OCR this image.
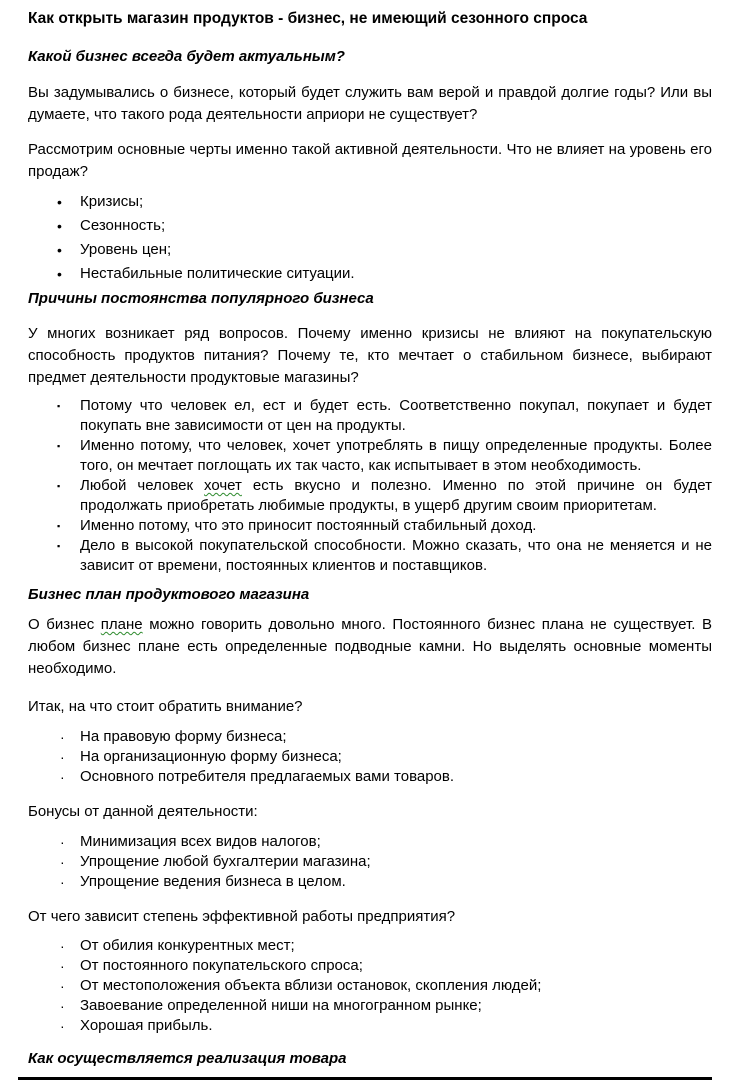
Как открыть магазин продуктов - бизнес, не имеющий сезонного спроса

Какой бизнес всегда будет актуальным?

Вы задумывались о бизнесе, который будет служить вам верой и правдой долгие годы? Или вы думаете, что такого рода деятельности априори не существует?

Рассмотрим основные черты именно такой активной деятельности. Что не влияет на уровень его продаж?

•	Кризисы;
•	Сезонность;
•	Уровень цен;
•	Нестабильные политические ситуации.

Причины постоянства популярного бизнеса

У многих возникает ряд вопросов. Почему именно кризисы не влияют на покупательскую способность продуктов питания? Почему те, кто мечтает о стабильном бизнесе, выбирают предмет деятельности продуктовые магазины?

▪	Потому что человек ел, ест и будет есть. Соответственно покупал, покупает и будет покупать вне зависимости от цен на продукты.
▪	Именно потому, что человек, хочет употреблять в пищу определенные продукты. Более того, он мечтает поглощать их так часто, как испытывает в этом необходимость.
▪	Любой человек хочет есть вкусно и полезно. Именно по этой причине он будет продолжать приобретать любимые продукты, в ущерб другим своим приоритетам.
▪	Именно потому, что это приносит постоянный стабильный доход.
▪	Дело в высокой покупательской способности. Можно сказать, что она не меняется и не зависит от времени, постоянных клиентов и поставщиков.

Бизнес план продуктового магазина

О бизнес плане можно говорить довольно много. Постоянного бизнес плана не существует. В любом бизнес плане есть определенные подводные камни. Но выделять основные моменты необходимо.

Итак, на что стоит обратить внимание?

·	На правовую форму бизнеса;
·	На организационную форму бизнеса;
·	Основного потребителя предлагаемых вами товаров.

Бонусы от данной деятельности:

·	Минимизация всех видов налогов;
·	Упрощение любой бухгалтерии магазина;
·	Упрощение ведения бизнеса в целом.

От чего зависит степень эффективной работы предприятия?

·	От обилия конкурентных мест;
·	От постоянного покупательского спроса;
·	От местоположения объекта вблизи остановок, скопления людей;
·	Завоевание определенной ниши на многогранном рынке;
·	Хорошая прибыль.

Как осуществляется реализация товара
